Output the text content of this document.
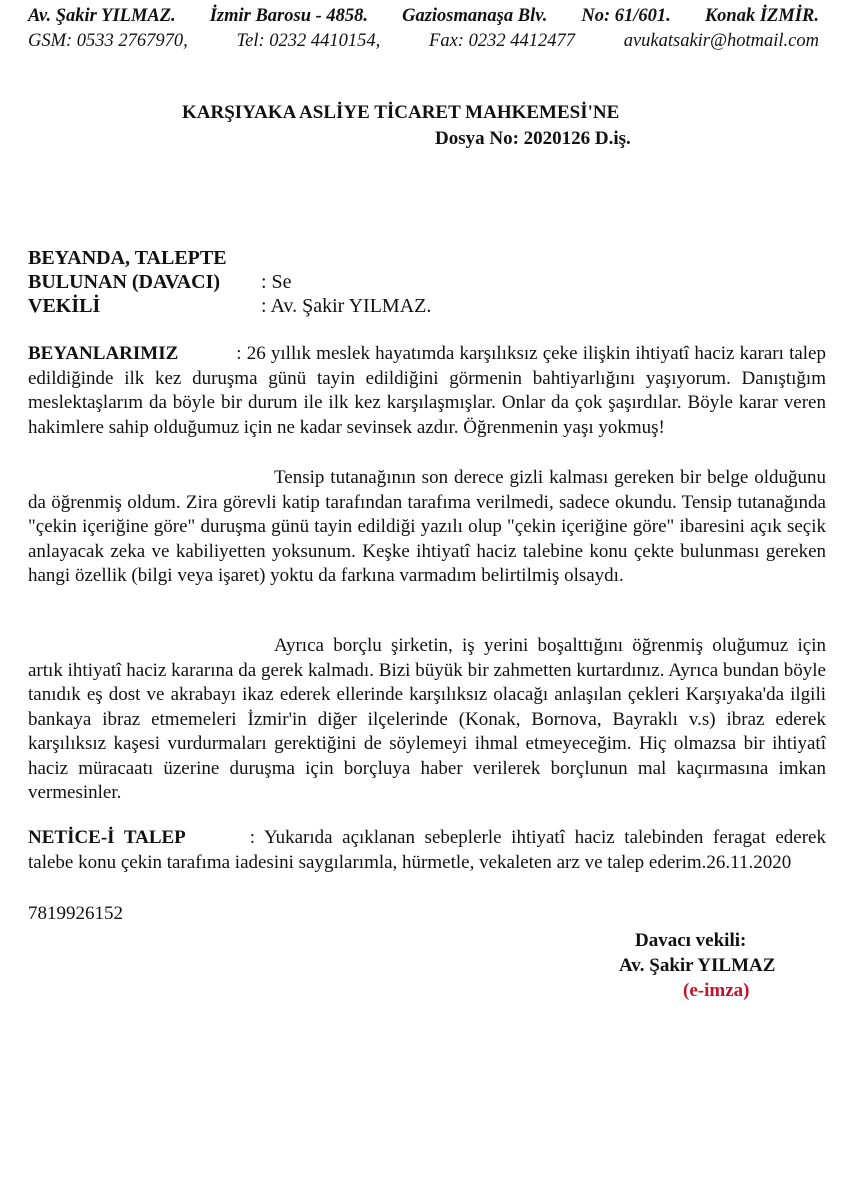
Av. Şakir YILMAZ. İzmir Barosu - 4858. Gaziosmanaşa Blv. No: 61/601. Konak İZMİR.
GSM: 0533 2767970,	Tel: 0232 4410154,	Fax: 0232 4412477	avukatsakir@hotmail.com
KARŞIYAKA ASLİYE TİCARET MAHKEMESİ'NE
Dosya No: 2020126 D.iş.
BEYANDA, TALEPTE
BULUNAN (DAVACI) : Se
VEKİLİ	: Av. Şakir YILMAZ.
BEYANLARIMIZ	: 26 yıllık meslek hayatımda karşılıksız çeke ilişkin ihtiyatî haciz kararı talep edildiğinde ilk kez duruşma günü tayin edildiğini görmenin bahtiyarlığını yaşıyorum. Danıştığım meslektaşlarım da böyle bir durum ile ilk kez karşılaşmışlar. Onlar da çok şaşırdılar. Böyle karar veren hakimlere sahip olduğumuz için ne kadar sevinsek azdır. Öğrenmenin yaşı yokmuş!
Tensip tutanağının son derece gizli kalması gereken bir belge olduğunu da öğrenmiş oldum. Zira görevli katip tarafından tarafıma verilmedi, sadece okundu. Tensip tutanağında "çekin içeriğine göre" duruşma günü tayin edildiği yazılı olup "çekin içeriğine göre" ibaresini açık seçik anlayacak zeka ve kabiliyetten yoksunum. Keşke ihtiyatî haciz talebine konu çekte bulunması gereken hangi özellik (bilgi veya işaret) yoktu da farkına varmadım belirtilmiş olsaydı.
Ayrıca borçlu şirketin, iş yerini boşalttığını öğrenmiş oluğumuz için artık ihtiyatî haciz kararına da gerek kalmadı. Bizi büyük bir zahmetten kurtardınız. Ayrıca bundan böyle tanıdık eş dost ve akrabayı ikaz ederek ellerinde karşılıksız olacağı anlaşılan çekleri Karşıyaka'da ilgili bankaya ibraz etmemeleri İzmir'in diğer ilçelerinde (Konak, Bornova, Bayraklı v.s) ibraz ederek karşılıksız kaşesi vurdurmaları gerektiğini de söylemeyi ihmal etmeyeceğim. Hiç olmazsa bir ihtiyatî haciz müracaatı üzerine duruşma için borçluya haber verilerek borçlunun mal kaçırmasına imkan vermesinler.
NETİCE-İ TALEP	: Yukarıda açıklanan sebeplerle ihtiyatî haciz talebinden feragat ederek talebe konu çekin tarafıma iadesini saygılarımla, hürmetle, vekaleten arz ve talep ederim.26.11.2020
7819926152
Davacı vekili:
Av. Şakir YILMAZ
(e-imza)
